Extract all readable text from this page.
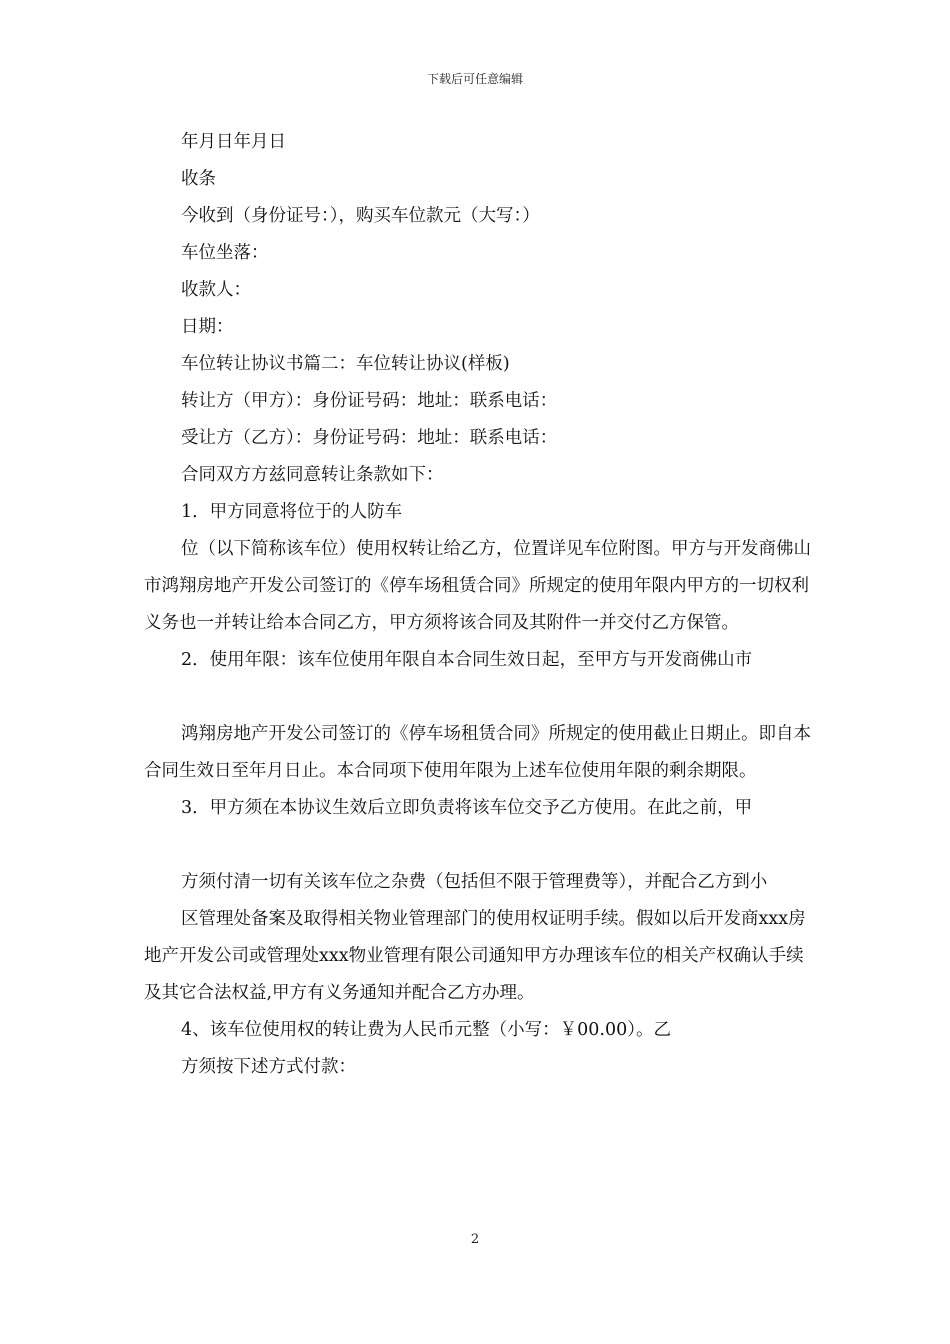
下载后可任意编辑

年月日年月日

收条

今收到（身份证号：），购买车位款元（大写：）

车位坐落：

收款人：

日期：

车位转让协议书篇二：车位转让协议(样板)

转让方（甲方）：身份证号码：地址：联系电话：

受让方（乙方）：身份证号码：地址：联系电话：

合同双方方兹同意转让条款如下：

1．甲方同意将位于的人防车

位（以下简称该车位）使用权转让给乙方，位置详见车位附图。甲方与开发商佛山市鸿翔房地产开发公司签订的《停车场租赁合同》所规定的使用年限内甲方的一切权利义务也一并转让给本合同乙方，甲方须将该合同及其附件一并交付乙方保管。

2．使用年限：该车位使用年限自本合同生效日起，至甲方与开发商佛山市

鸿翔房地产开发公司签订的《停车场租赁合同》所规定的使用截止日期止。即自本合同生效日至年月日止。本合同项下使用年限为上述车位使用年限的剩余期限。

3．甲方须在本协议生效后立即负责将该车位交予乙方使用。在此之前，甲

方须付清一切有关该车位之杂费（包括但不限于管理费等），并配合乙方到小

区管理处备案及取得相关物业管理部门的使用权证明手续。假如以后开发商xxx房地产开发公司或管理处xxx物业管理有限公司通知甲方办理该车位的相关产权确认手续及其它合法权益,甲方有义务通知并配合乙方办理。

4、该车位使用权的转让费为人民币元整（小写：￥00.00）。乙

方须按下述方式付款：

2
